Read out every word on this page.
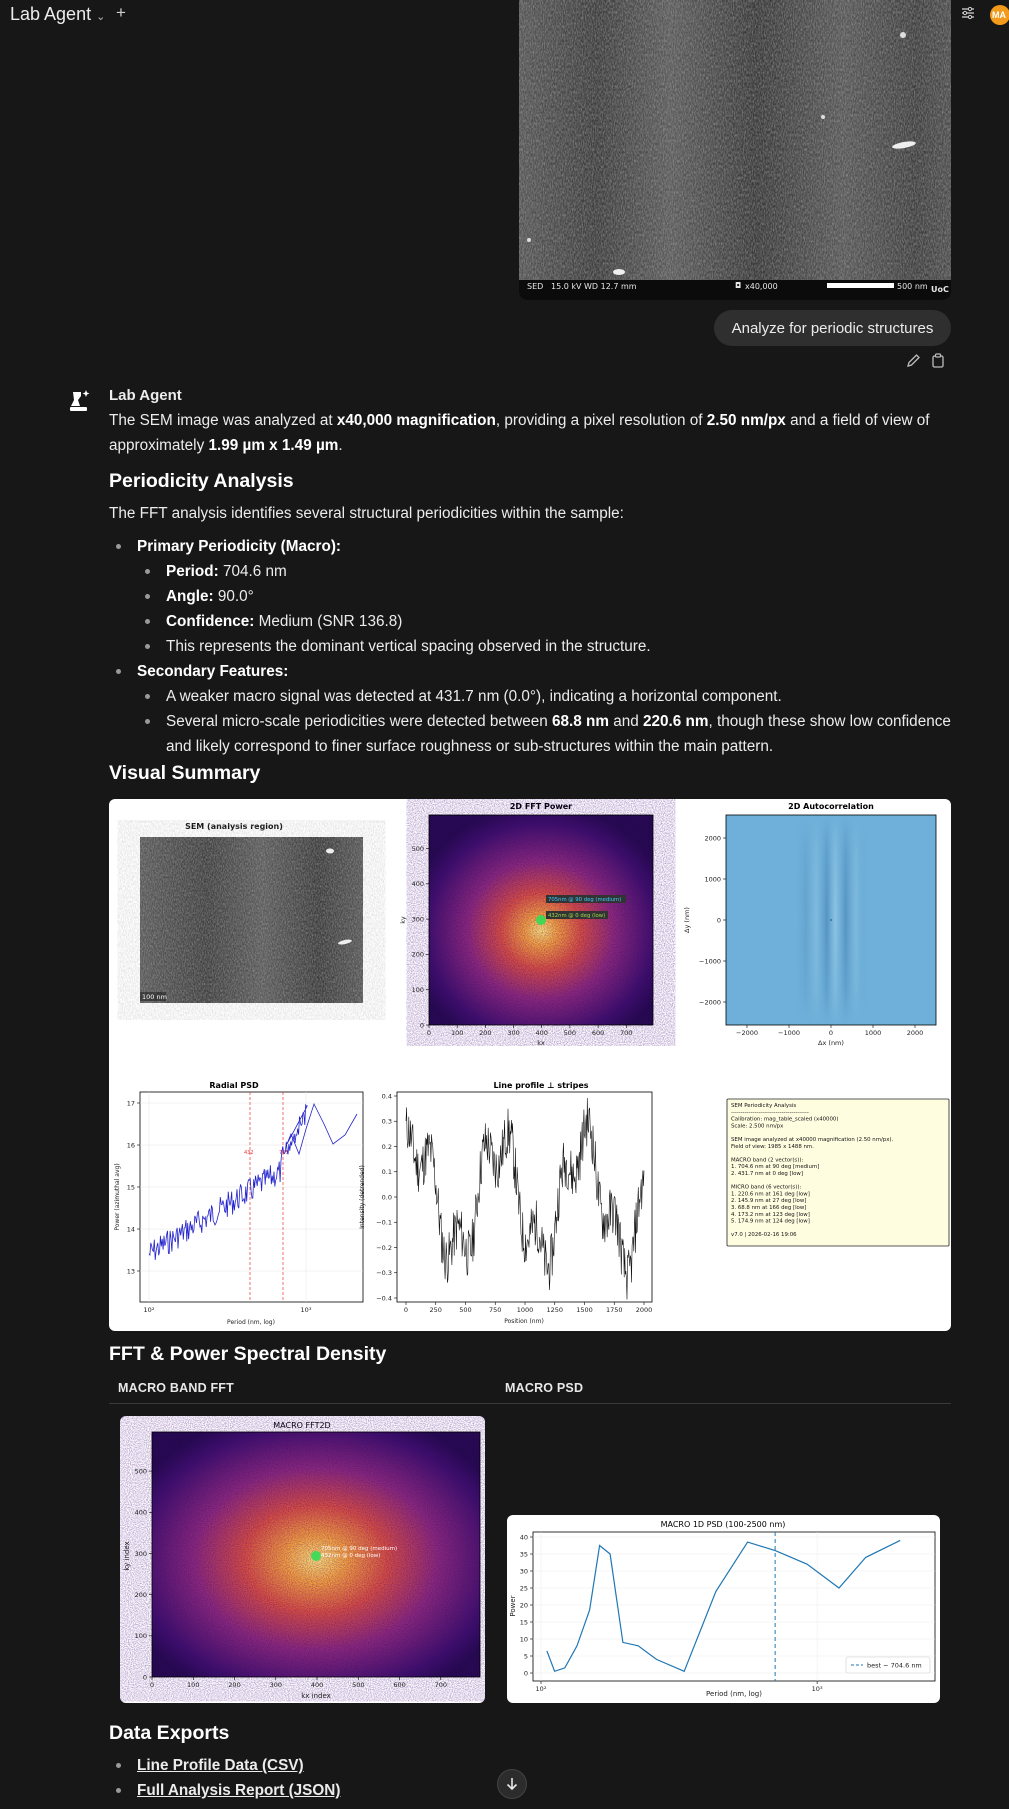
Lab Agent ⌄ +	MA
SED 15.0 kV WD 12.7 mm	◘ x40,000	500 nm UoC
Analyze for periodic structures
Lab Agent

The SEM image was analyzed at x40,000 magnification, providing a pixel resolution of 2.50 nm/px and a field of view of approximately 1.99 µm x 1.49 µm.

Periodicity Analysis

The FFT analysis identifies several structural periodicities within the sample:

Primary Periodicity (Macro):
Period: 704.6 nm
Angle: 90.0°
Confidence: Medium (SNR 136.8)
This represents the dominant vertical spacing observed in the structure.
Secondary Features:
A weaker macro signal was detected at 431.7 nm (0.0°), indicating a horizontal component.
Several micro-scale periodicities were detected between 68.8 nm and 220.6 nm, though these show low confidence and likely correspond to finer surface roughness or sub-structures within the main pattern.
Visual Summary
SEM (analysis region)
100 nm
2D FFT Power
705nm @ 90 deg (medium)
432nm @ 0 deg (low)
0	100 200 300 400 500 600 700
0
100
200
300
400
500
kx
ky
2D Autocorrelation
−2000	−1000	0	1000	2000
2000
1000
0
−1000
−2000
Δx (nm)
Δy (nm)
Radial PSD
432	705
17
16
15
14
13
10²	10³
Period (nm, log)
Power (azimuthal avg)
Line profile ⊥ stripes
0	250	500	750 1000 1250 1500 1750 2000
0.4
0.3
0.2
0.1
0.0
−0.1
−0.2
−0.3
−0.4
Position (nm)
Intensity (detrended)
SEM Periodicity Analysis
----------------------------------------
Calibration: mag_table_scaled (x40000)
Scale: 2.500 nm/px
SEM image analyzed at x40000 magnification (2.50 nm/px).
Field of view: 1985 x 1488 nm.
MACRO band (2 vector(s)):
1. 704.6 nm at 90 deg [medium]
2. 431.7 nm at 0 deg [low]
MICRO band (6 vector(s)):
1. 220.6 nm at 161 deg [low]
2. 145.9 nm at 27 deg [low]
3. 68.8 nm at 166 deg [low]
4. 173.2 nm at 123 deg [low]
5. 174.9 nm at 124 deg [low]
v7.0 | 2026-02-16 19:06
FFT & Power Spectral Density
MACRO BAND FFT	MACRO PSD
MACRO FFT2D
705nm @ 90 deg (medium)
432nm @ 0 deg (low)
0	100	200	300	400	500	600	700
0
100
200
300
400
500
kx index
ky index
MACRO 1D PSD (100-2500 nm)
0
5
10
15
20
25
30
35
40
10²	10³
best ~ 704.6 nm
Period (nm, log)
Power
Data Exports
Line Profile Data (CSV)
Full Analysis Report (JSON)
